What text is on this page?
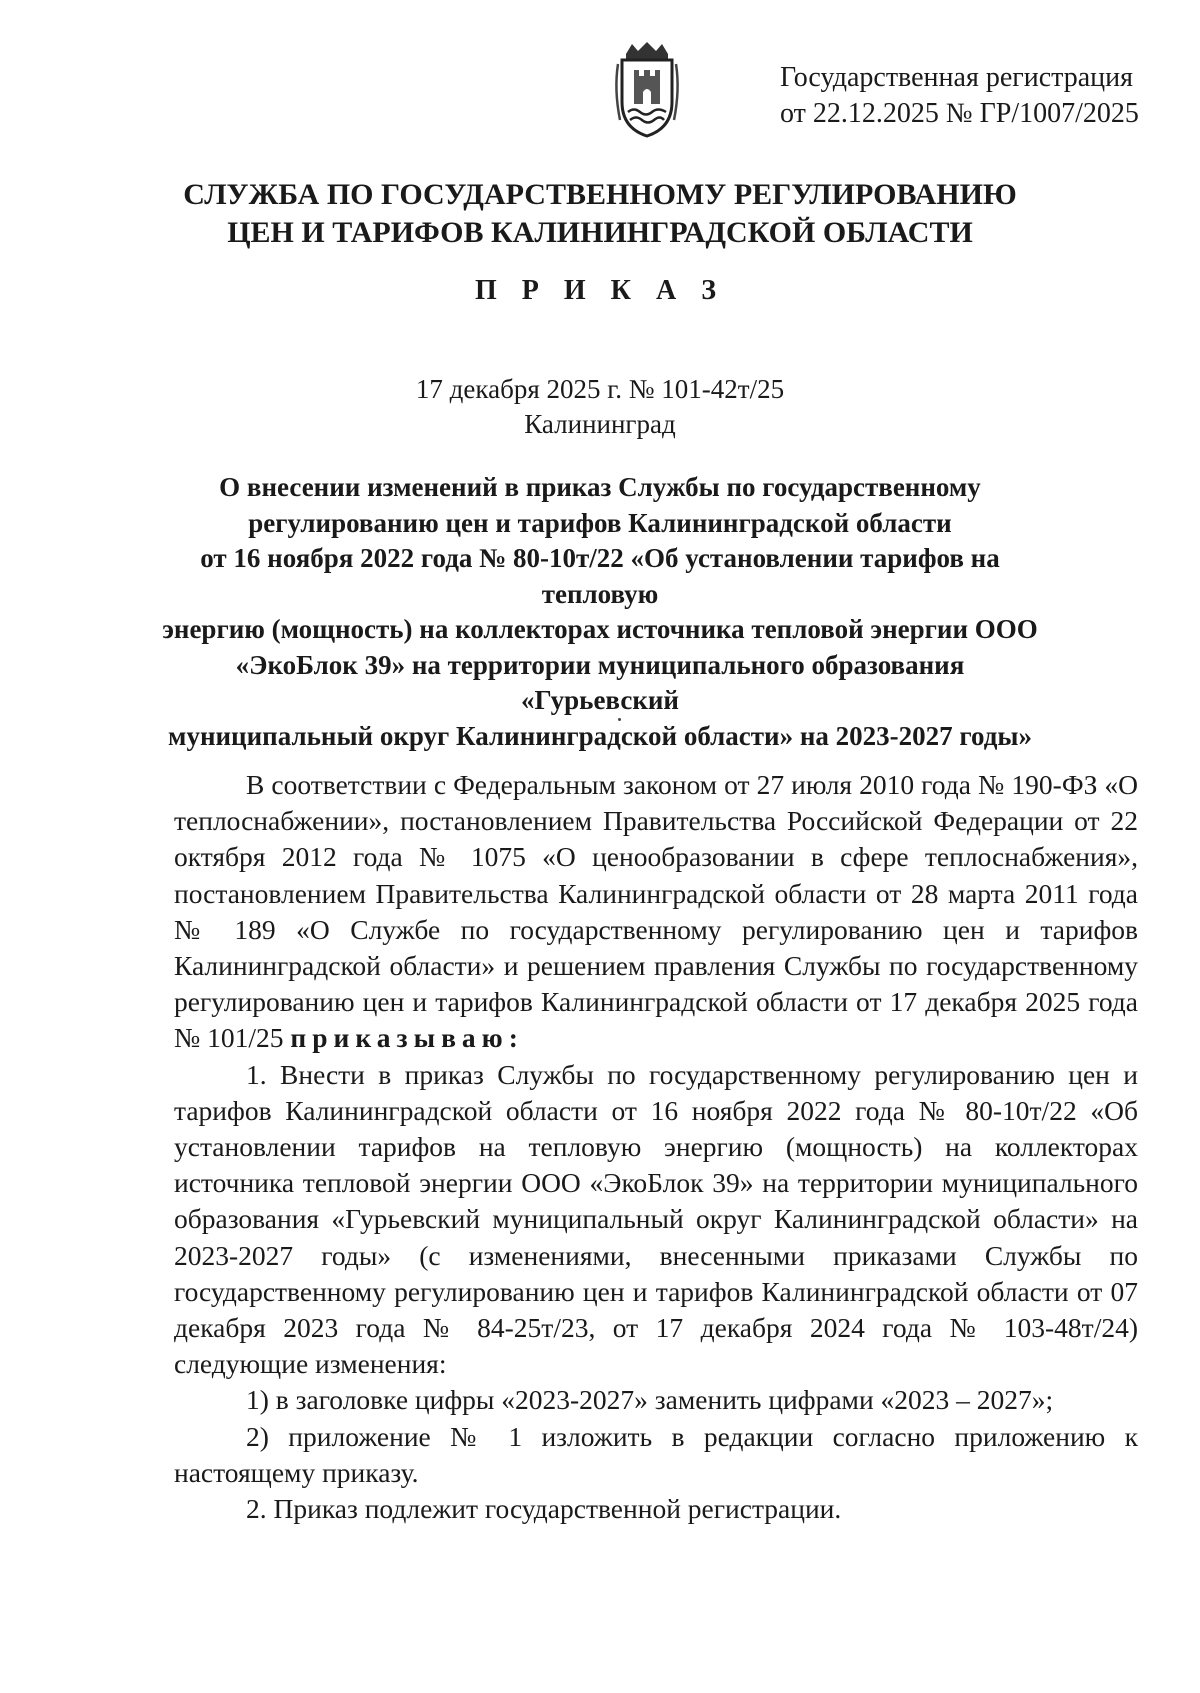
Государственная регистрация
от 22.12.2025 № ГР/1007/2025
СЛУЖБА ПО ГОСУДАРСТВЕННОМУ РЕГУЛИРОВАНИЮ
ЦЕН И ТАРИФОВ КАЛИНИНГРАДСКОЙ ОБЛАСТИ
П Р И К А З
17 декабря 2025 г. № 101-42т/25
Калининград
О внесении изменений в приказ Службы по государственному
регулированию цен и тарифов Калининградской области
от 16 ноября 2022 года № 80-10т/22 «Об установлении тарифов на тепловую
энергию (мощность) на коллекторах источника тепловой энергии ООО
«ЭкоБлок 39» на территории муниципального образования «Гурьевский
муниципальный округ Калининградской области» на 2023-2027 годы»

В соответствии с Федеральным законом от 27 июля 2010 года № 190-ФЗ «О теплоснабжении», постановлением Правительства Российской Федерации от 22 октября 2012 года № 1075 «О ценообразовании в сфере теплоснабжения», постановлением Правительства Калининградской области от 28 марта 2011 года № 189 «О Службе по государственному регулированию цен и тарифов Калининградской области» и решением правления Службы по государственному регулированию цен и тарифов Калининградской области от 17 декабря 2025 года № 101/25 приказываю:

1. Внести в приказ Службы по государственному регулированию цен и тарифов Калининградской области от 16 ноября 2022 года № 80-10т/22 «Об установлении тарифов на тепловую энергию (мощность) на коллекторах источника тепловой энергии ООО «ЭкоБлок 39» на территории муниципального образования «Гурьевский муниципальный округ Калининградской области» на 2023-2027 годы» (с изменениями, внесенными приказами Службы по государственному регулированию цен и тарифов Калининградской области от 07 декабря 2023 года № 84-25т/23, от 17 декабря 2024 года № 103-48т/24) следующие изменения:

1) в заголовке цифры «2023-2027» заменить цифрами «2023 – 2027»;

2) приложение № 1 изложить в редакции согласно приложению к настоящему приказу.

2. Приказ подлежит государственной регистрации.
